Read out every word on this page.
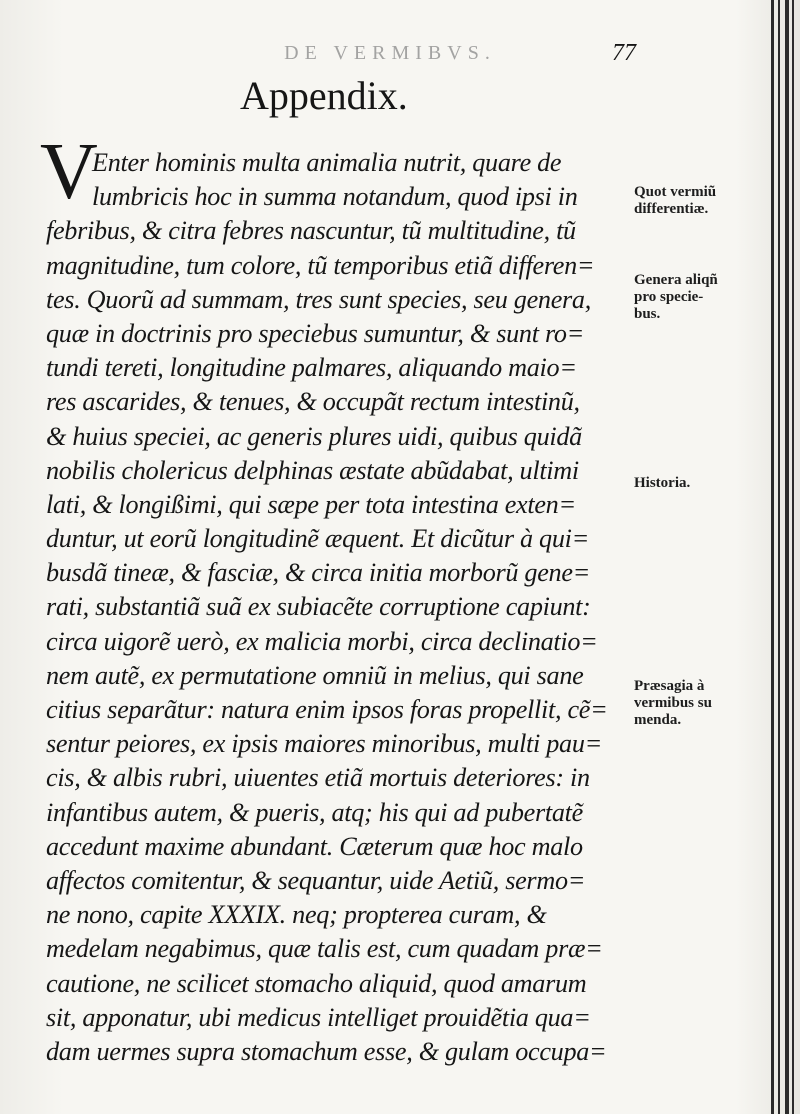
DE VERMIBVS.	77
Appendix.
V
Enter hominis multa animalia nutrit, quare de
lumbricis hoc in summa notandum, quod ipsi in
febribus, & citra febres nascuntur, tũ multitudine, tũ
magnitudine, tum colore, tũ temporibus etiã differen=
tes. Quorũ ad summam, tres sunt species, seu genera,
quæ in doctrinis pro speciebus sumuntur, & sunt ro=
tundi tereti, longitudine palmares, aliquando maio=
res ascarides, & tenues, & occupãt rectum intestinũ,
& huius speciei, ac generis plures uidi, quibus quidã
nobilis cholericus delphinas æstate abũdabat, ultimi
lati, & longißimi, qui sæpe per tota intestina exten=
duntur, ut eorũ longitudinẽ æquent. Et dicũtur à qui=
busdã tineæ, & fasciæ, & circa initia morborũ gene=
rati, substantiã suã ex subiacẽte corruptione capiunt:
circa uigorẽ uerò, ex malicia morbi, circa declinatio=
nem autẽ, ex permutatione omniũ in melius, qui sane
citius separãtur: natura enim ipsos foras propellit, cẽ=
sentur peiores, ex ipsis maiores minoribus, multi pau=
cis, & albis rubri, uiuentes etiã mortuis deteriores: in
infantibus autem, & pueris, atq; his qui ad pubertatẽ
accedunt maxime abundant. Cæterum quæ hoc malo
affectos comitentur, & sequantur, uide Aetiũ, sermo=
ne nono, capite XXXIX. neq; propterea curam, &
medelam negabimus, quæ talis est, cum quadam præ=
cautione, ne scilicet stomacho aliquid, quod amarum
sit, apponatur, ubi medicus intelliget prouidẽtia qua=
dam uermes supra stomachum esse, & gulam occupa=
Quot vermiũ
differentiæ.
Genera aliqñ
pro specie-
bus.
Historia.
Præsagia à
vermibus su
menda.
